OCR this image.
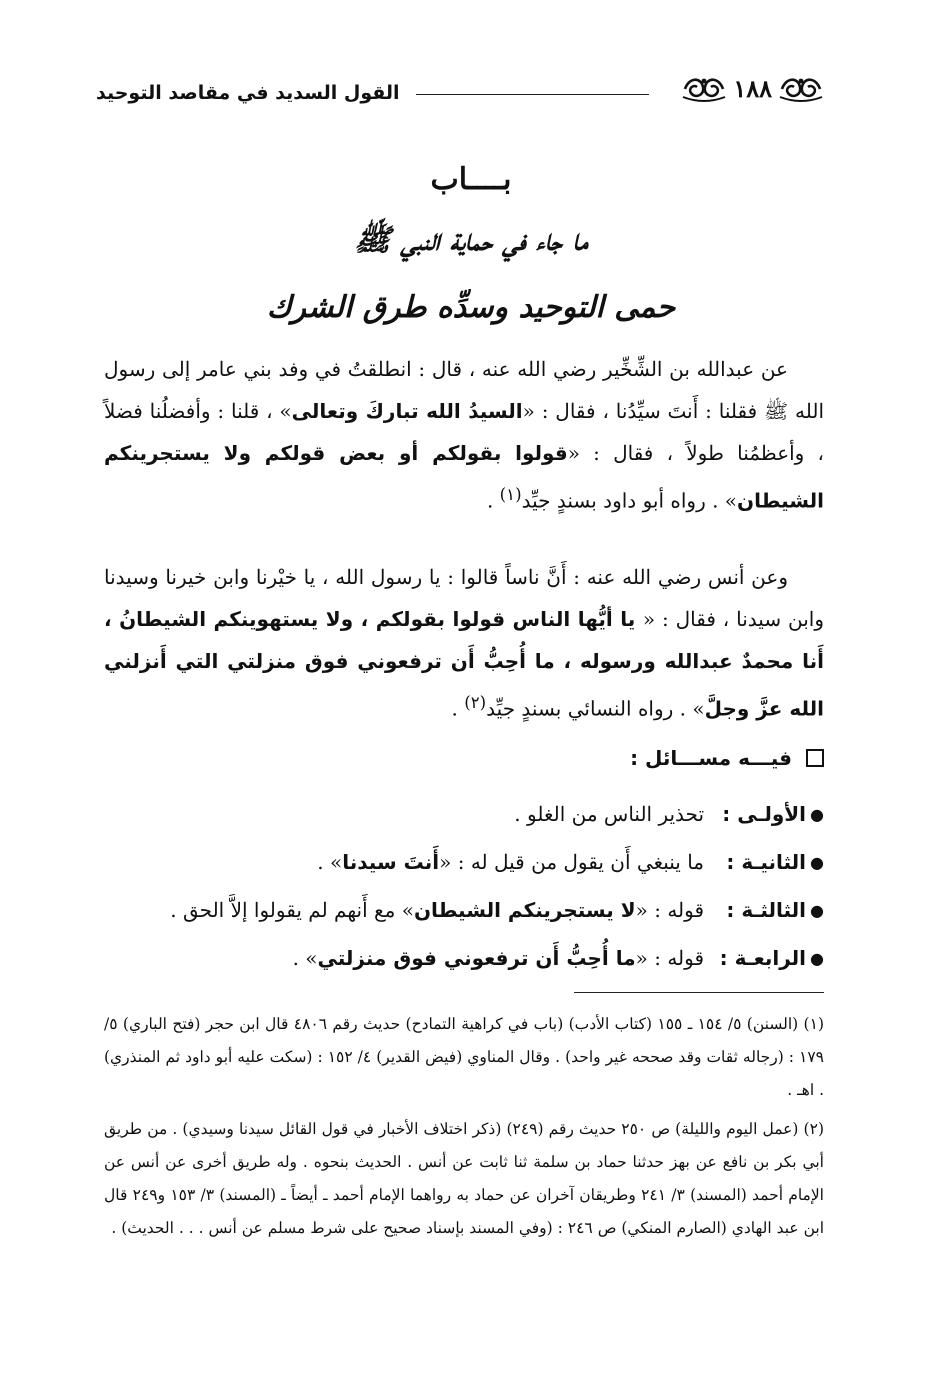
١٨٨
القول السديد في مقاصد التوحيد
بــــاب
ما جاء في حماية النبي ﷺ
حمى التوحيد وسدِّه طرق الشرك
عن عبدالله بن الشِّخِّير رضي الله عنه ، قال : انطلقتُ في وفد بني عامر إلى رسول الله ﷺ فقلنا : أَنتَ سيِّدُنا ، فقال : «السيدُ الله تباركَ وتعالى» ، قلنا : وأفضلُنا فضلاً ، وأعظمُنا طولاً ، فقال : «قولوا بقولكم أو بعض قولكم ولا يستجرينكم الشيطان» . رواه أبو داود بسندٍ جيِّد$^{(١)}$ .
وعن أنس رضي الله عنه : أَنَّ ناساً قالوا : يا رسول الله ، يا خيْرنا وابن خيرنا وسيدنا وابن سيدنا ، فقال : « يا أيُّها الناس قولوا بقولكم ، ولا يستهوينكم الشيطانُ ، أَنا محمدٌ عبدالله ورسوله ، ما أُحِبُّ أَن ترفعوني فوق منزلتي التي أَنزلني الله عزَّ وجلَّ» . رواه النسائي بسندٍ جيِّد$^{(٢)}$ .
فيـــه مســـائل :
●
الأولـى :
تحذير الناس من الغلو .
●
الثانيـة :
ما ينبغي أَن يقول من قيل له : «أَنتَ سيدنا» .
●
الثالثـة :
قوله : «لا يستجرينكم الشيطان» مع أَنهم لم يقولوا إلاَّ الحق .
●
الرابعـة :
قوله : «ما أُحِبُّ أَن ترفعوني فوق منزلتي» .
(١) (السنن) ٥/ ١٥٤ ـ ١٥٥ (كتاب الأدب) (باب في كراهية التمادح) حديث رقم ٤٨٠٦ قال ابن حجر (فتح الباري) ٥/ ١٧٩ : (رجاله ثقات وقد صححه غير واحد) . وقال المناوي (فيض القدير) ٤/ ١٥٢ : (سكت عليه أبو داود ثم المنذري) . اهـ .
(٢) (عمل اليوم والليلة) ص ٢٥٠ حديث رقم (٢٤٩) (ذكر اختلاف الأخبار في قول القائل سيدنا وسيدي) . من طريق أبي بكر بن نافع عن بهز حدثنا حماد بن سلمة ثنا ثابت عن أنس . الحديث بنحوه . وله طريق أخرى عن أنس عن الإمام أحمد (المسند) ٣/ ٢٤١ وطريقان آخران عن حماد به رواهما الإمام أحمد ـ أيضاً ـ (المسند) ٣/ ١٥٣ و٢٤٩ قال ابن عبد الهادي (الصارم المنكي) ص ٢٤٦ : (وفي المسند بإسناد صحيح على شرط مسلم عن أنس . . . الحديث) .
